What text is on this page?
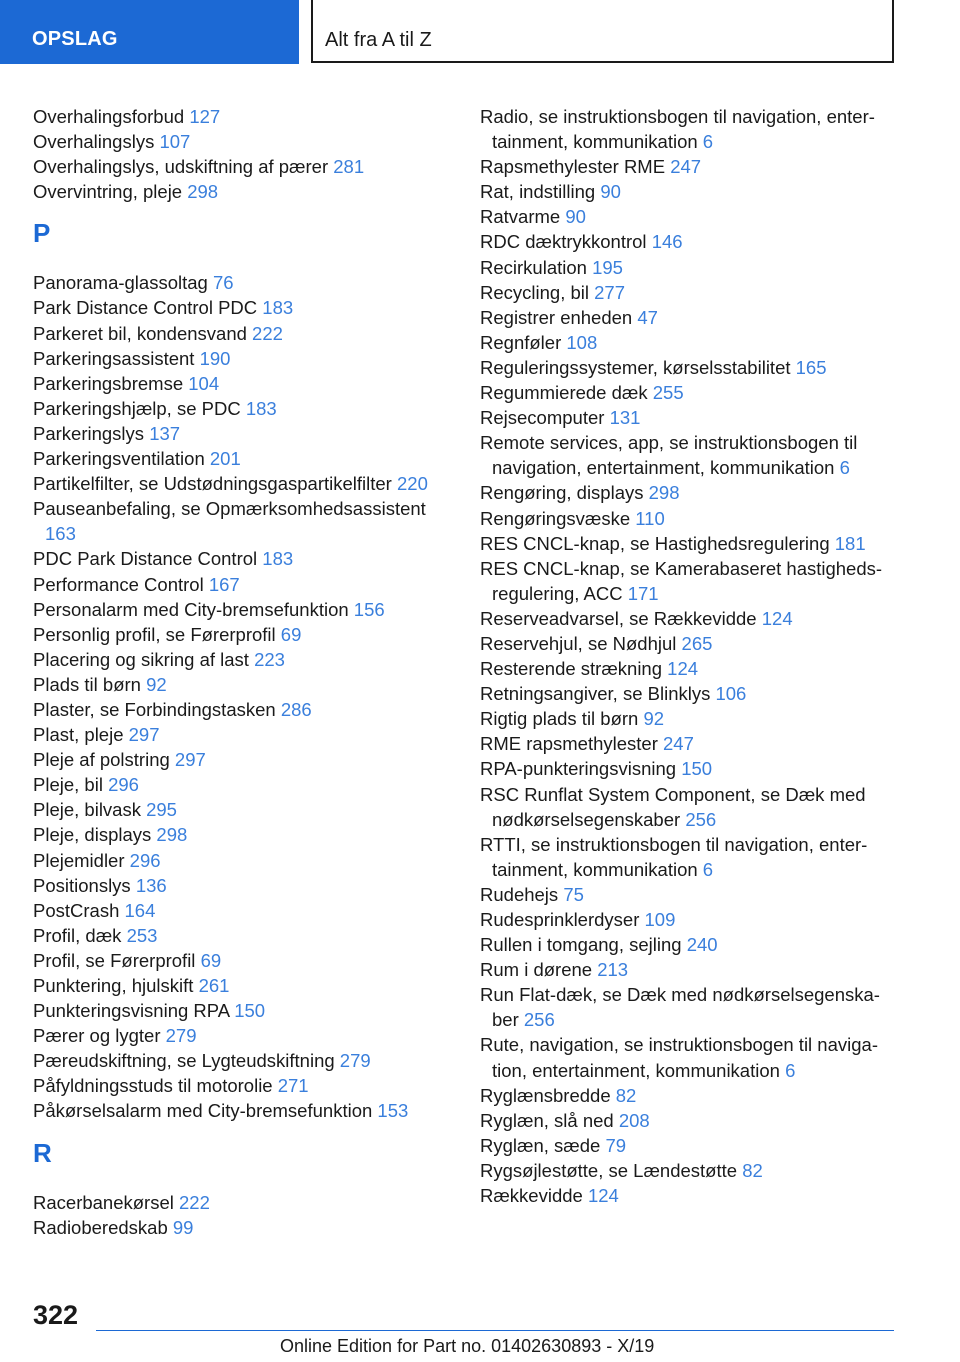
OPSLAG	Alt fra A til Z
Overhalingsforbud 127
Overhalingslys 107
Overhalingslys, udskiftning af pærer 281
Overvintring, pleje 298
P
Panorama-glassoltag 76
Park Distance Control PDC 183
Parkeret bil, kondensvand 222
Parkeringsassistent 190
Parkeringsbremse 104
Parkeringshjælp, se PDC 183
Parkeringslys 137
Parkeringsventilation 201
Partikelfilter, se Udstødningsgaspartikelfilter 220
Pauseanbefaling, se Opmærksomhedsassistent 163
PDC Park Distance Control 183
Performance Control 167
Personalarm med City-bremsefunktion 156
Personlig profil, se Førerprofil 69
Placering og sikring af last 223
Plads til børn 92
Plaster, se Forbindingstasken 286
Plast, pleje 297
Pleje af polstring 297
Pleje, bil 296
Pleje, bilvask 295
Pleje, displays 298
Plejemidler 296
Positionslys 136
PostCrash 164
Profil, dæk 253
Profil, se Førerprofil 69
Punktering, hjulskift 261
Punkteringsvisning RPA 150
Pærer og lygter 279
Pæreudskiftning, se Lygteudskiftning 279
Påfyldningsstuds til motorolie 271
Påkørselsalarm med City-bremsefunktion 153
R
Racerbanekørsel 222
Radioberedskab 99
Radio, se instruktionsbogen til navigation, entertainment, kommunikation 6
Rapsmethylester RME 247
Rat, indstilling 90
Ratvarme 90
RDC dæktrykkontrol 146
Recirkulation 195
Recycling, bil 277
Registrer enheden 47
Regnføler 108
Reguleringssystemer, kørselsstabilitet 165
Regummierede dæk 255
Rejsecomputer 131
Remote services, app, se instruktionsbogen til navigation, entertainment, kommunikation 6
Rengøring, displays 298
Rengøringsvæske 110
RES CNCL-knap, se Hastighedsregulering 181
RES CNCL-knap, se Kamerabaseret hastighedsregulering, ACC 171
Reserveadvarsel, se Rækkevidde 124
Reservehjul, se Nødhjul 265
Resterende strækning 124
Retningsangiver, se Blinklys 106
Rigtig plads til børn 92
RME rapsmethylester 247
RPA-punkteringsvisning 150
RSC Runflat System Component, se Dæk med nødkørselsegenskaber 256
RTTI, se instruktionsbogen til navigation, entertainment, kommunikation 6
Rudehejs 75
Rudesprinklerdyser 109
Rullen i tomgang, sejling 240
Rum i dørene 213
Run Flat-dæk, se Dæk med nødkørselsegenskaber 256
Rute, navigation, se instruktionsbogen til navigation, entertainment, kommunikation 6
Ryglænsbredde 82
Ryglæn, slå ned 208
Ryglæn, sæde 79
Rygsøjlestøtte, se Lændestøtte 82
Rækkevidde 124
322
Online Edition for Part no. 01402630893 - X/19
